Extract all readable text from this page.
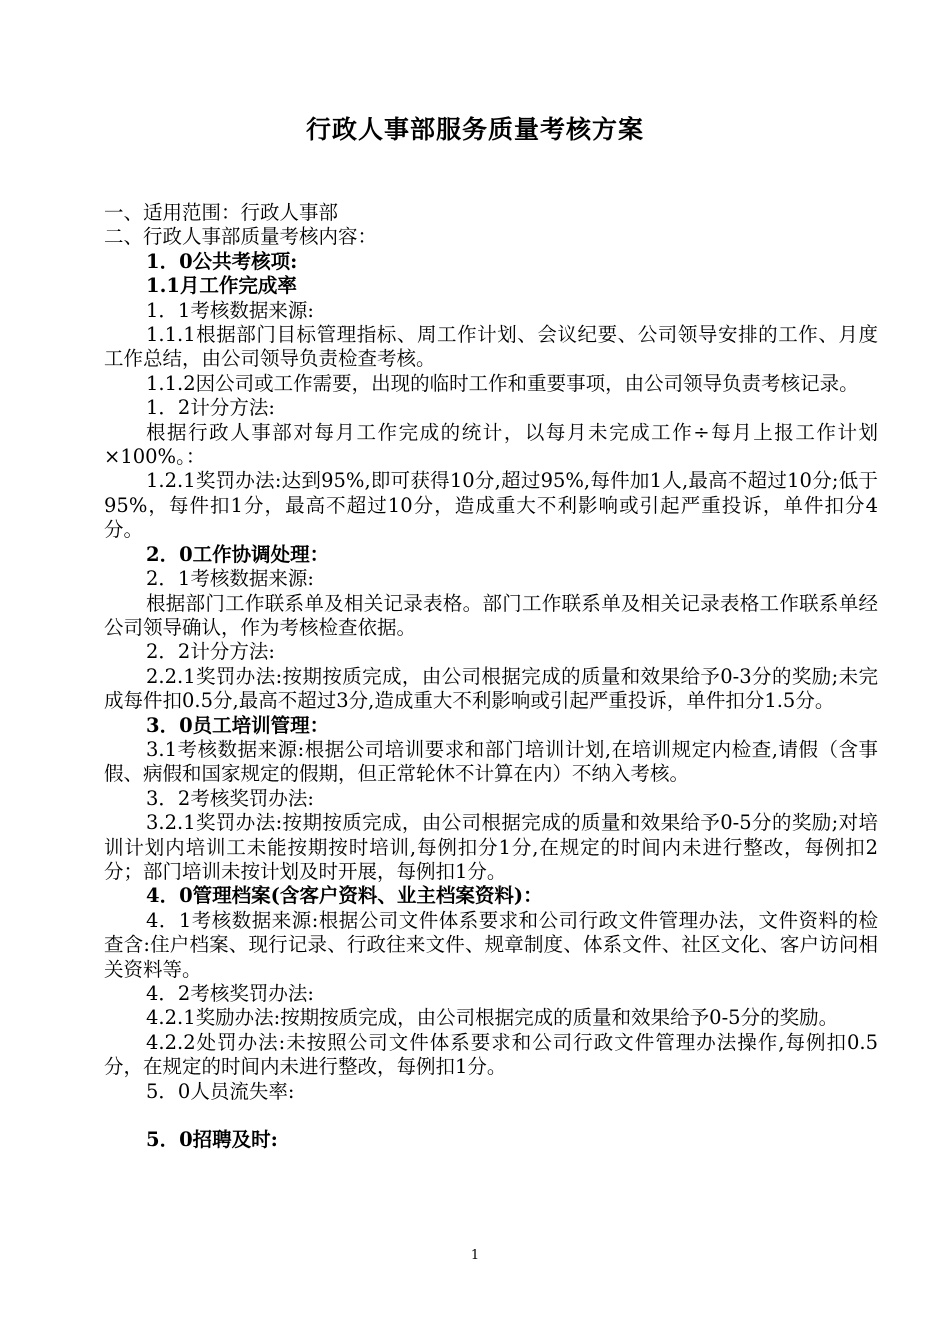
行政人事部服务质量考核方案

一、适用范围：行政人事部

二、行政人事部质量考核内容：

1．0公共考核项:

1.1月工作完成率

1．1考核数据来源:

1.1.1根据部门目标管理指标、周工作计划、会议纪要、公司领导安排的工作、月度工作总结，由公司领导负责检查考核。

1.1.2因公司或工作需要，出现的临时工作和重要事项，由公司领导负责考核记录。

1．2计分方法:

根据行政人事部对每月工作完成的统计，以每月未完成工作÷每月上报工作计划×100%。：

1.2.1奖罚办法:达到95%,即可获得10分,超过95%,每件加1人,最高不超过10分;低于95%，每件扣1分，最高不超过10分，造成重大不利影响或引起严重投诉，单件扣分4分。

2．0工作协调处理：

2．1考核数据来源:

根据部门工作联系单及相关记录表格。部门工作联系单及相关记录表格工作联系单经公司领导确认，作为考核检查依据。

2．2计分方法:

2.2.1奖罚办法:按期按质完成，由公司根据完成的质量和效果给予0-3分的奖励;未完成每件扣0.5分,最高不超过3分,造成重大不利影响或引起严重投诉，单件扣分1.5分。

3．0员工培训管理：

3.1考核数据来源:根据公司培训要求和部门培训计划,在培训规定内检查,请假（含事假、病假和国家规定的假期，但正常轮休不计算在内）不纳入考核。

3．2考核奖罚办法:

3.2.1奖罚办法:按期按质完成，由公司根据完成的质量和效果给予0-5分的奖励;对培训计划内培训工未能按期按时培训,每例扣分1分,在规定的时间内未进行整改，每例扣2分；部门培训未按计划及时开展，每例扣1分。

4．0管理档案(含客户资料、业主档案资料)：

4．1考核数据来源:根据公司文件体系要求和公司行政文件管理办法，文件资料的检查含:住户档案、现行记录、行政往来文件、规章制度、体系文件、社区文化、客户访问相关资料等。

4．2考核奖罚办法:

4.2.1奖励办法:按期按质完成，由公司根据完成的质量和效果给予0-5分的奖励。

4.2.2处罚办法:未按照公司文件体系要求和公司行政文件管理办法操作,每例扣0.5分，在规定的时间内未进行整改，每例扣1分。

5．0人员流失率:

5．0招聘及时:

1
